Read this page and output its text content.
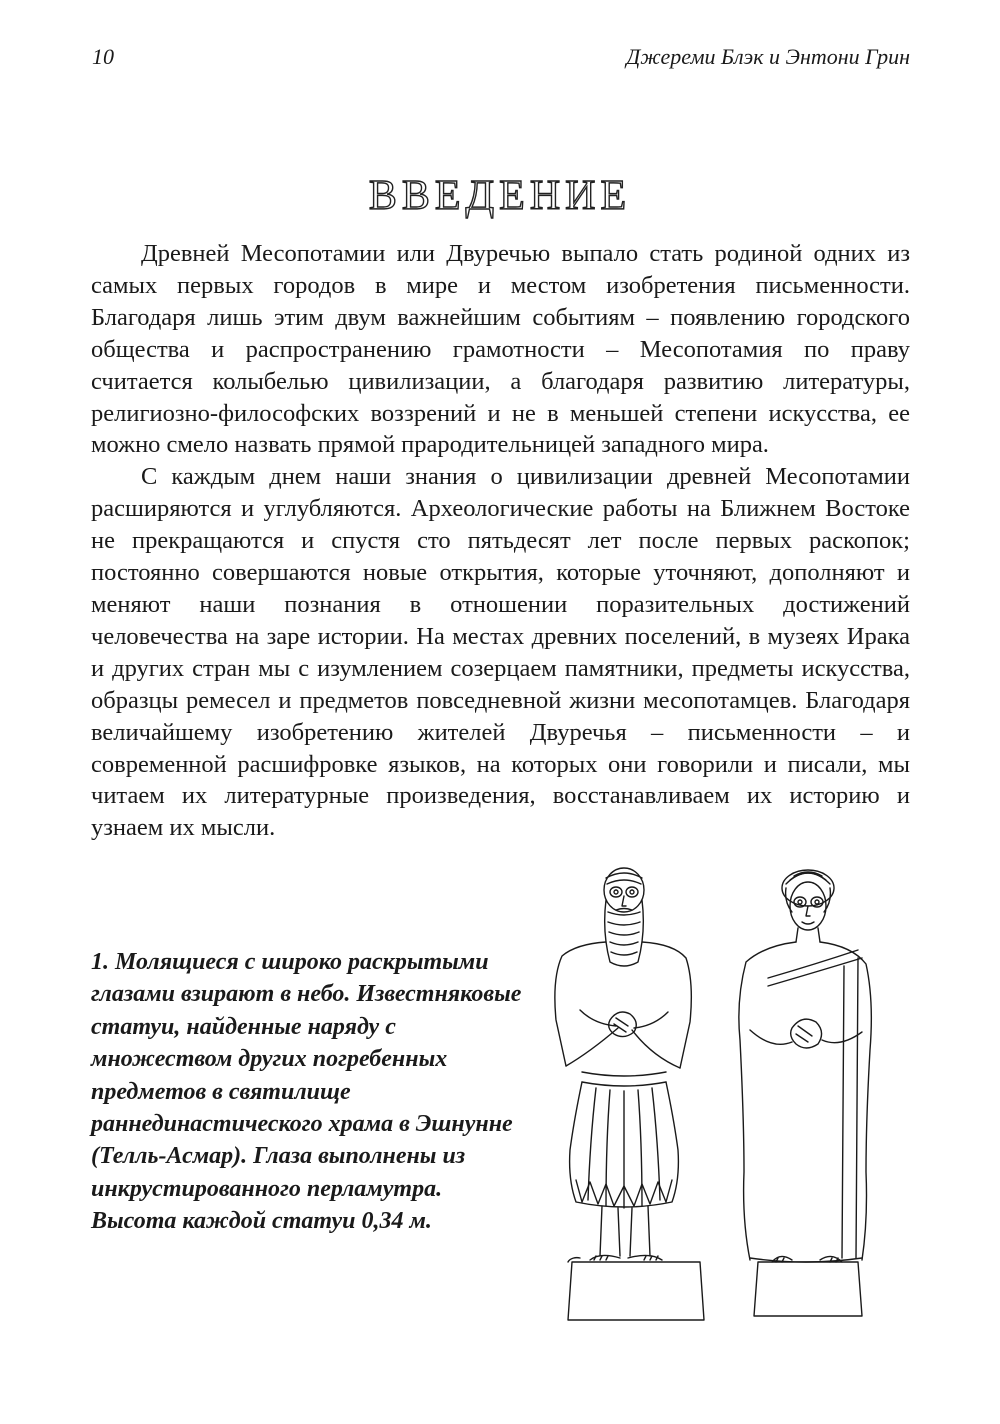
10	Джереми Блэк и Энтони Грин
ВВЕДЕНИЕ

Древней Месопотамии или Двуречью выпало стать родиной одних из самых первых городов в мире и местом изобретения письменности. Благодаря лишь этим двум важнейшим событиям – появлению городского общества и распространению грамотности – Месопотамия по праву считается колыбелью цивилизации, а благодаря развитию литературы, религиозно-философских воззрений и не в меньшей степени искусства, ее можно смело назвать прямой прародительницей западного мира.

С каждым днем наши знания о цивилизации древней Месопотамии расширяются и углубляются. Археологические работы на Ближнем Востоке не прекращаются и спустя сто пятьдесят лет после первых раскопок; постоянно совершаются новые открытия, которые уточняют, дополняют и меняют наши познания в отношении поразительных достижений человечества на заре истории. На местах древних поселений, в музеях Ирака и других стран мы с изумлением созерцаем памятники, предметы искусства, образцы ремесел и предметов повседневной жизни месопотамцев. Благодаря величайшему изобретению жителей Двуречья – письменности – и современной расшифровке языков, на которых они говорили и писали, мы читаем их литературные произведения, восстанавливаем их историю и узнаем их мысли.

1. Молящиеся с широко раскрытыми глазами взирают в небо. Известняковые статуи, найденные наряду с множеством других погребенных предметов в святилище раннединастического храма в Эшнунне (Телль-Асмар). Глаза выполнены из инкрустированного перламутра. Высота каждой статуи 0,34 м.
